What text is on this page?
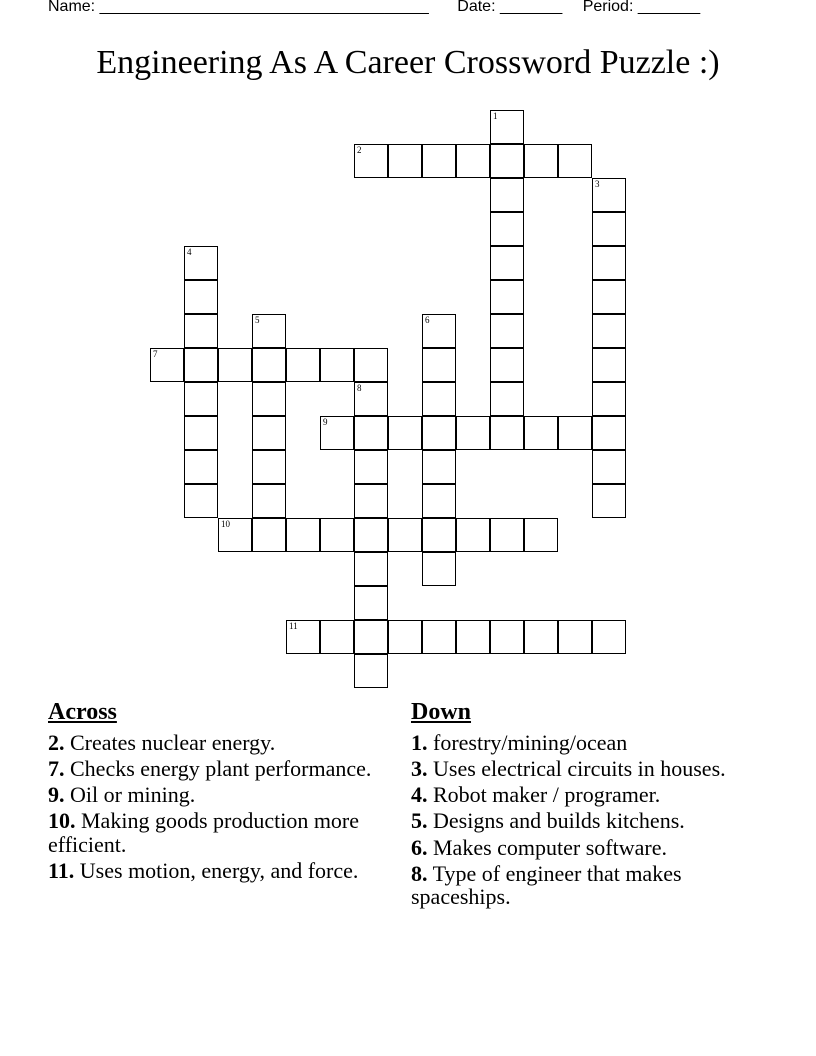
Name: _____________________________________ Date: _______ Period: _______
Engineering As A Career Crossword Puzzle :)
1
2
3
4
5	6
7
8
9
10
11
Across
2. Creates nuclear energy.
7. Checks energy plant performance.
9. Oil or mining.
10. Making goods production more efficient.
11. Uses motion, energy, and force.
Down
1. forestry/mining/ocean
3. Uses electrical circuits in houses.
4. Robot maker / programer.
5. Designs and builds kitchens.
6. Makes computer software.
8. Type of engineer that makes spaceships.
